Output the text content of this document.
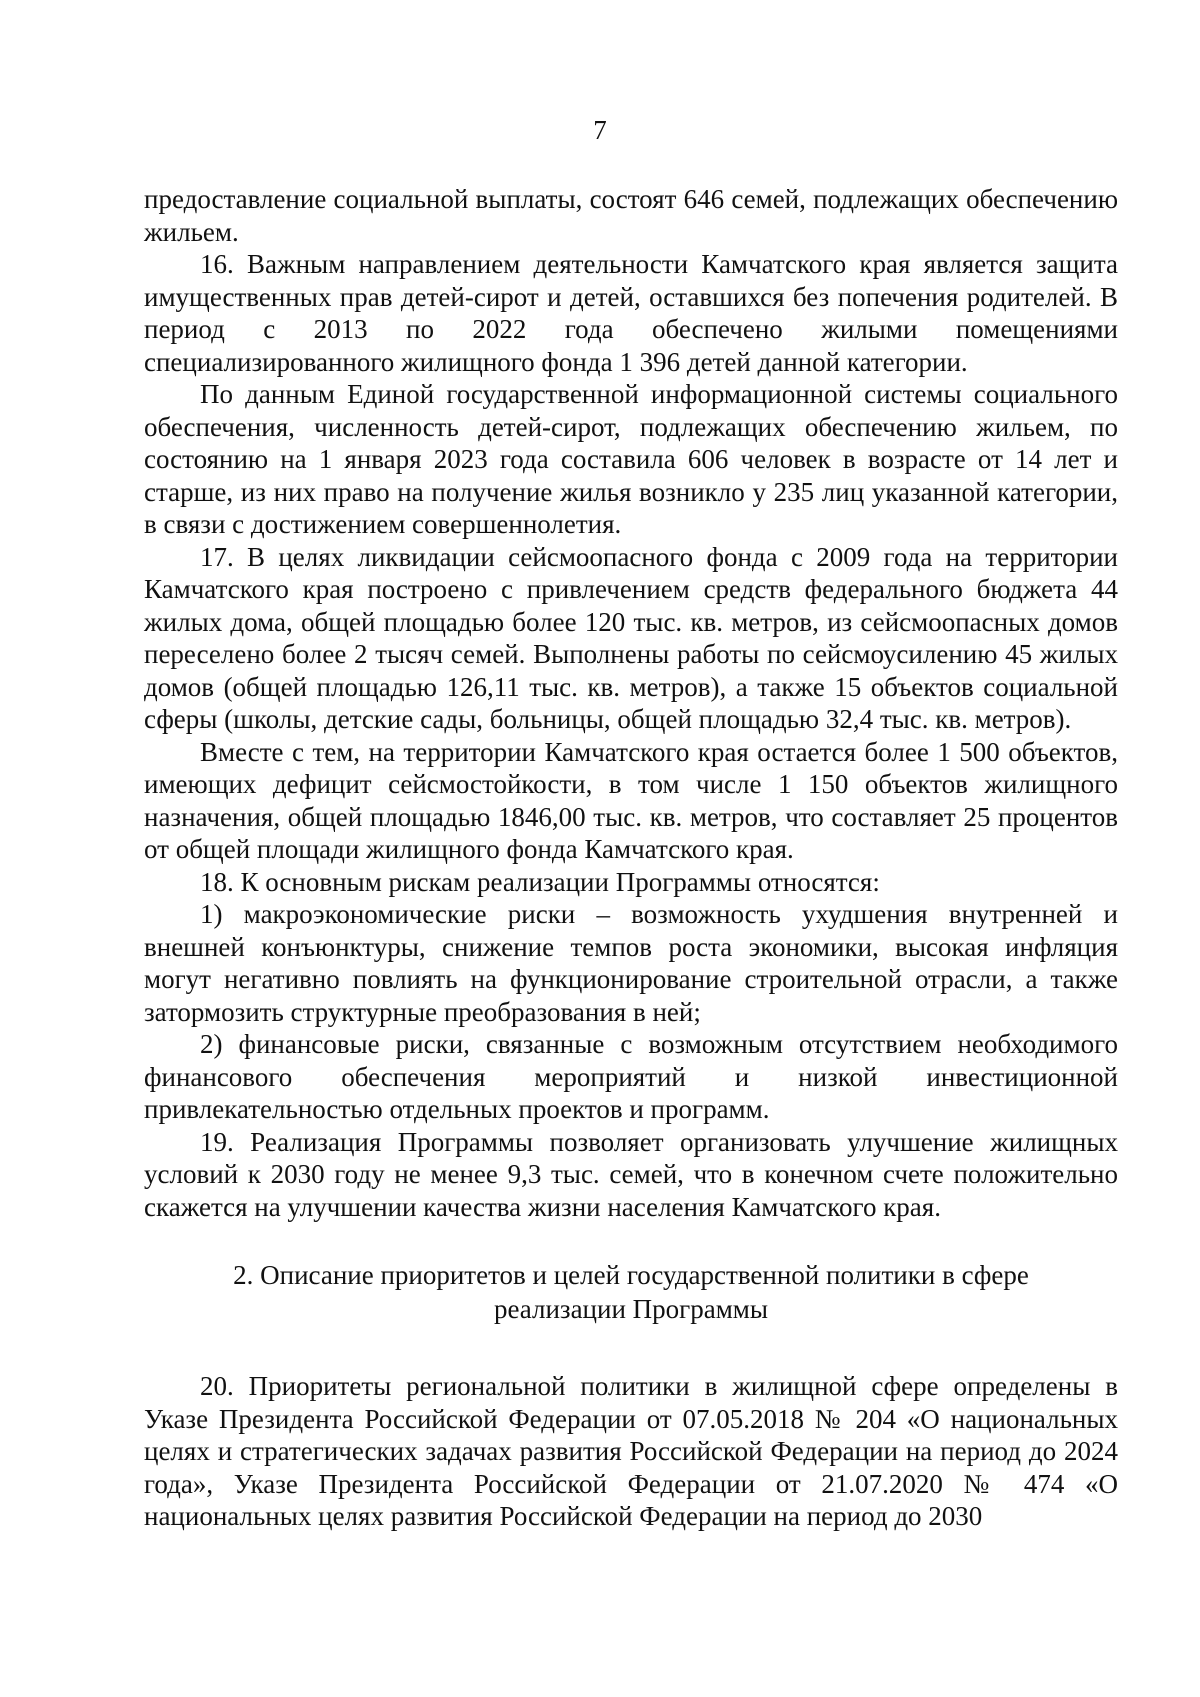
7

предоставление социальной выплаты, состоят 646 семей, подлежащих обеспечению жильем.

16. Важным направлением деятельности Камчатского края является защита имущественных прав детей-сирот и детей, оставшихся без попечения родителей. В период с 2013 по 2022 года обеспечено жилыми помещениями специализированного жилищного фонда 1 396 детей данной категории.

По данным Единой государственной информационной системы социального обеспечения, численность детей-сирот, подлежащих обеспечению жильем, по состоянию на 1 января 2023 года составила 606 человек в возрасте от 14 лет и старше, из них право на получение жилья возникло у 235 лиц указанной категории, в связи с достижением совершеннолетия.

17. В целях ликвидации сейсмоопасного фонда с 2009 года на территории Камчатского края построено с привлечением средств федерального бюджета 44 жилых дома, общей площадью более 120 тыс. кв. метров, из сейсмоопасных домов переселено более 2 тысяч семей. Выполнены работы по сейсмоусилению 45 жилых домов (общей площадью 126,11 тыс. кв. метров), а также 15 объектов социальной сферы (школы, детские сады, больницы, общей площадью 32,4 тыс. кв. метров).

Вместе с тем, на территории Камчатского края остается более 1 500 объектов, имеющих дефицит сейсмостойкости, в том числе 1 150 объектов жилищного назначения, общей площадью 1846,00 тыс. кв. метров, что составляет 25 процентов от общей площади жилищного фонда Камчатского края.

18. К основным рискам реализации Программы относятся:

1) макроэкономические риски – возможность ухудшения внутренней и внешней конъюнктуры, снижение темпов роста экономики, высокая инфляция могут негативно повлиять на функционирование строительной отрасли, а также затормозить структурные преобразования в ней;

2) финансовые риски, связанные с возможным отсутствием необходимого финансового обеспечения мероприятий и низкой инвестиционной привлекательностью отдельных проектов и программ.

19. Реализация Программы позволяет организовать улучшение жилищных условий к 2030 году не менее 9,3 тыс. семей, что в конечном счете положительно скажется на улучшении качества жизни населения Камчатского края.

2. Описание приоритетов и целей государственной политики в сфере реализации Программы

20. Приоритеты региональной политики в жилищной сфере определены в Указе Президента Российской Федерации от 07.05.2018 № 204 «О национальных целях и стратегических задачах развития Российской Федерации на период до 2024 года», Указе Президента Российской Федерации от 21.07.2020 № 474 «О национальных целях развития Российской Федерации на период до 2030
